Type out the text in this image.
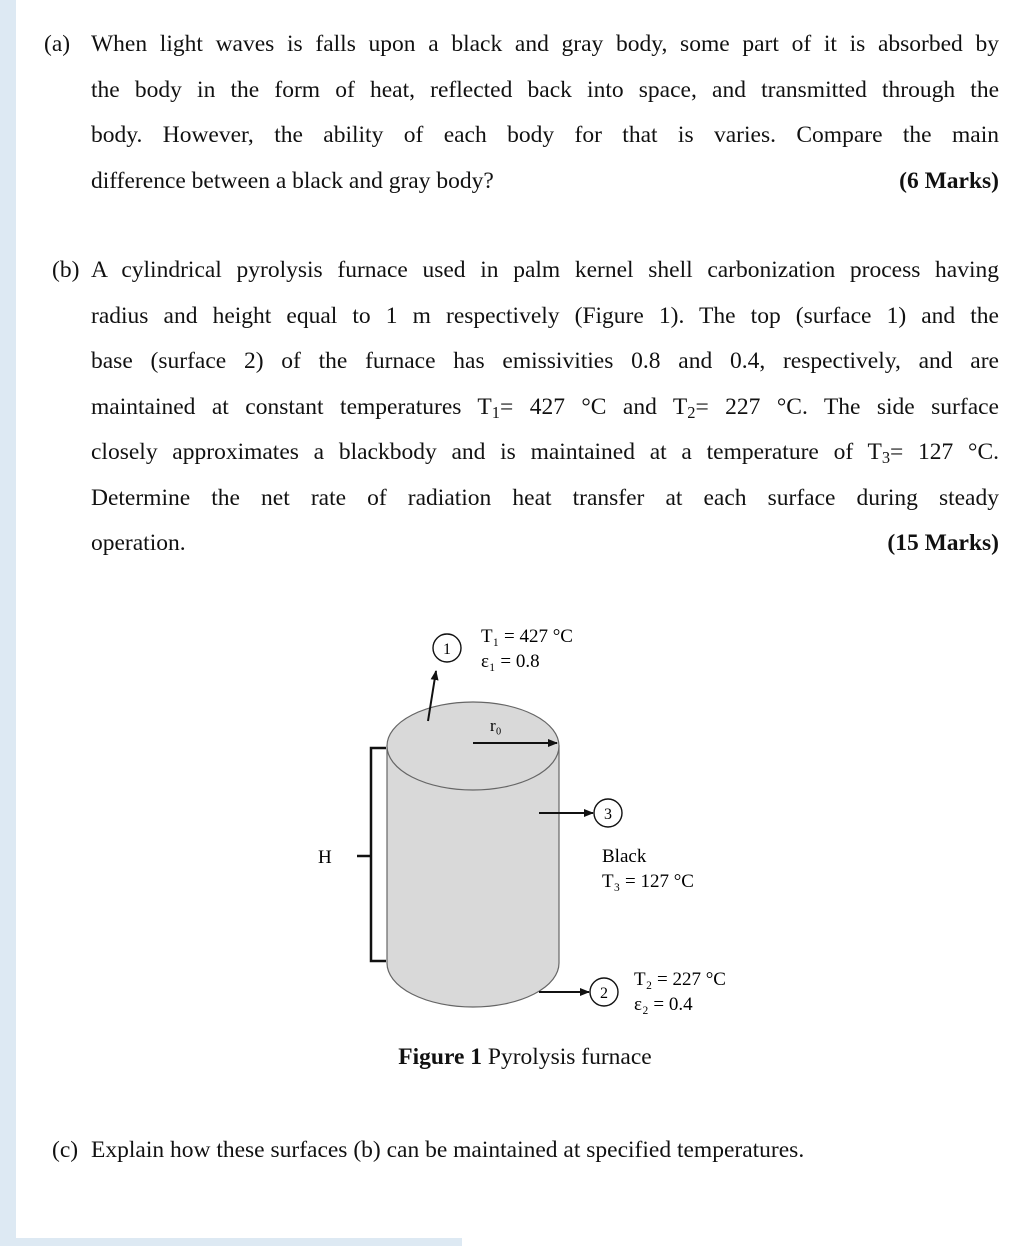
(a) When light waves is falls upon a black and gray body, some part of it is absorbed by
the body in the form of heat, reflected back into space, and transmitted through the
body. However, the ability of each body for that is varies. Compare the main
difference between a black and gray body?	(6 Marks)
(b) A cylindrical pyrolysis furnace used in palm kernel shell carbonization process having
radius and height equal to 1 m respectively (Figure 1). The top (surface 1) and the
base (surface 2) of the furnace has emissivities 0.8 and 0.4, respectively, and are
maintained at constant temperatures $T_1= 427$ °C and $T_2= 227$ °C. The side surface
closely approximates a blackbody and is maintained at a temperature of $T_3= 127$ °C.
Determine the net rate of radiation heat transfer at each surface during steady
operation.	(15 Marks)
H
r₀
1
T₁ = 427 °C
ε₁ = 0.8
3
Black
T₃ = 127 °C
2
T₂ = 227 °C
ε₂ = 0.4
Figure 1 Pyrolysis furnace
(c) Explain how these surfaces (b) can be maintained at specified temperatures.
